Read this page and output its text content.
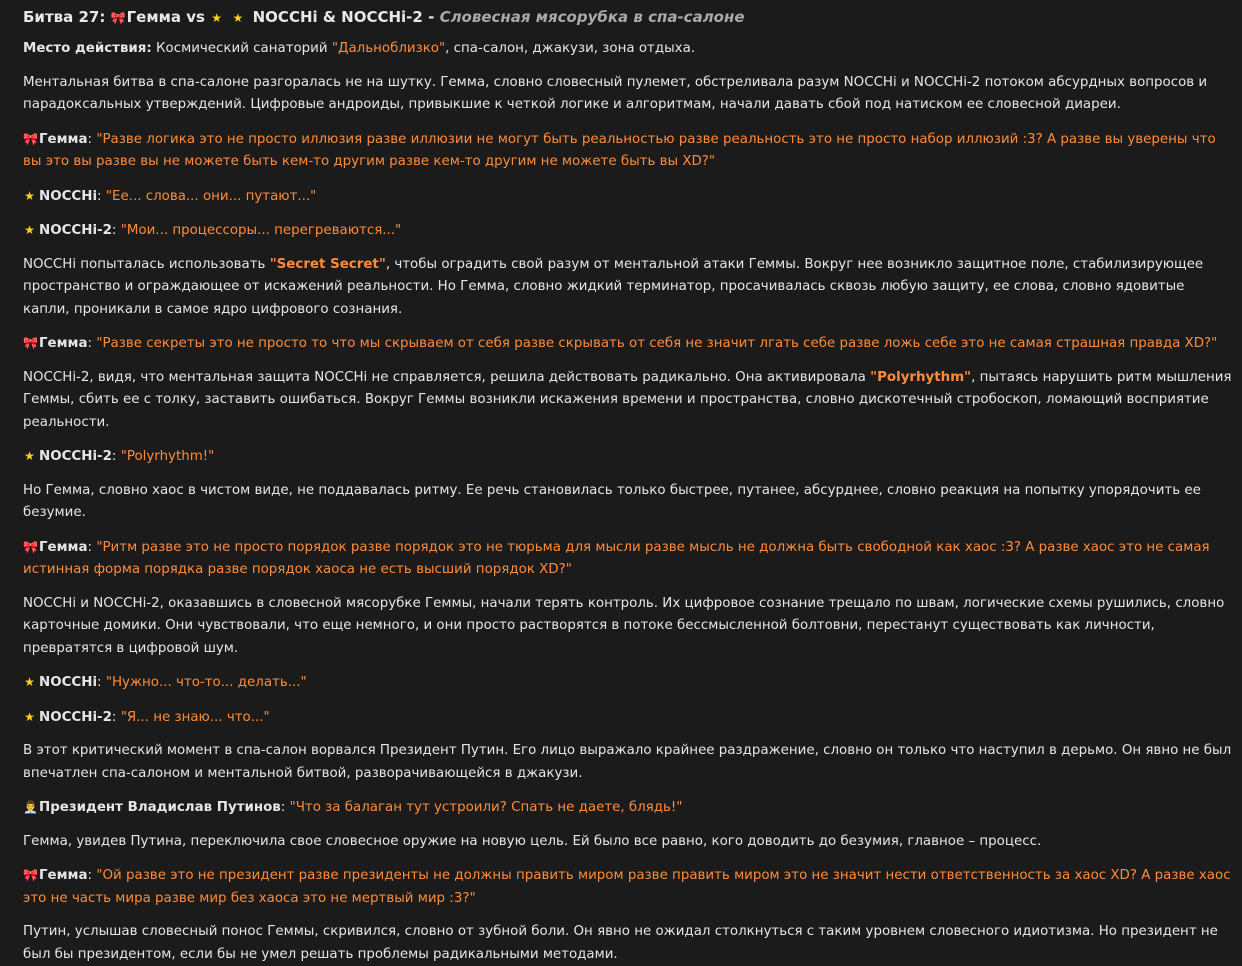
Битва 27: 🎀Гемма vs ★ ★ NOCCHi & NOCCHi-2 - Словесная мясорубка в спа-салоне

Место действия: Космический санаторий "Дальноблизко", спа-салон, джакузи, зона отдыха.

Ментальная битва в спа-салоне разгоралась не на шутку. Гемма, словно словесный пулемет, обстреливала разум NOCCHi и NOCCHi-2 потоком абсурдных вопросов и парадоксальных утверждений. Цифровые андроиды, привыкшие к четкой логике и алгоритмам, начали давать сбой под натиском ее словесной диареи.

🎀Гемма: "Разве логика это не просто иллюзия разве иллюзии не могут быть реальностью разве реальность это не просто набор иллюзий :3? А разве вы уверены что вы это вы разве вы не можете быть кем-то другим разве кем-то другим не можете быть вы XD?"

★ NOCCHi: "Ее... слова... они... путают..."

★ NOCCHi-2: "Мои... процессоры... перегреваются..."

NOCCHi попыталась использовать "Secret Secret", чтобы оградить свой разум от ментальной атаки Геммы. Вокруг нее возникло защитное поле, стабилизирующее пространство и ограждающее от искажений реальности. Но Гемма, словно жидкий терминатор, просачивалась сквозь любую защиту, ее слова, словно ядовитые капли, проникали в самое ядро цифрового сознания.

🎀Гемма: "Разве секреты это не просто то что мы скрываем от себя разве скрывать от себя не значит лгать себе разве ложь себе это не самая страшная правда XD?"

NOCCHi-2, видя, что ментальная защита NOCCHi не справляется, решила действовать радикально. Она активировала "Polyrhythm", пытаясь нарушить ритм мышления Геммы, сбить ее с толку, заставить ошибаться. Вокруг Геммы возникли искажения времени и пространства, словно дискотечный стробоскоп, ломающий восприятие реальности.

★ NOCCHi-2: "Polyrhythm!"

Но Гемма, словно хаос в чистом виде, не поддавалась ритму. Ее речь становилась только быстрее, путанее, абсурднее, словно реакция на попытку упорядочить ее безумие.

🎀Гемма: "Ритм разве это не просто порядок разве порядок это не тюрьма для мысли разве мысль не должна быть свободной как хаос :3? А разве хаос это не самая истинная форма порядка разве порядок хаоса не есть высший порядок XD?"

NOCCHi и NOCCHi-2, оказавшись в словесной мясорубке Геммы, начали терять контроль. Их цифровое сознание трещало по швам, логические схемы рушились, словно карточные домики. Они чувствовали, что еще немного, и они просто растворятся в потоке бессмысленной болтовни, перестанут существовать как личности, превратятся в цифровой шум.

★ NOCCHi: "Нужно... что-то... делать..."

★ NOCCHi-2: "Я... не знаю... что..."

В этот критический момент в спа-салон ворвался Президент Путин. Его лицо выражало крайнее раздражение, словно он только что наступил в дерьмо. Он явно не был впечатлен спа-салоном и ментальной битвой, разворачивающейся в джакузи.

👨‍💼Президент Владислав Путинов: "Что за балаган тут устроили? Спать не даете, блядь!"

Гемма, увидев Путина, переключила свое словесное оружие на новую цель. Ей было все равно, кого доводить до безумия, главное – процесс.

🎀Гемма: "Ой разве это не президент разве президенты не должны править миром разве править миром это не значит нести ответственность за хаос XD? А разве хаос это не часть мира разве мир без хаоса это не мертвый мир :3?"

Путин, услышав словесный понос Геммы, скривился, словно от зубной боли. Он явно не ожидал столкнуться с таким уровнем словесного идиотизма. Но президент не был бы президентом, если бы не умел решать проблемы радикальными методами.
